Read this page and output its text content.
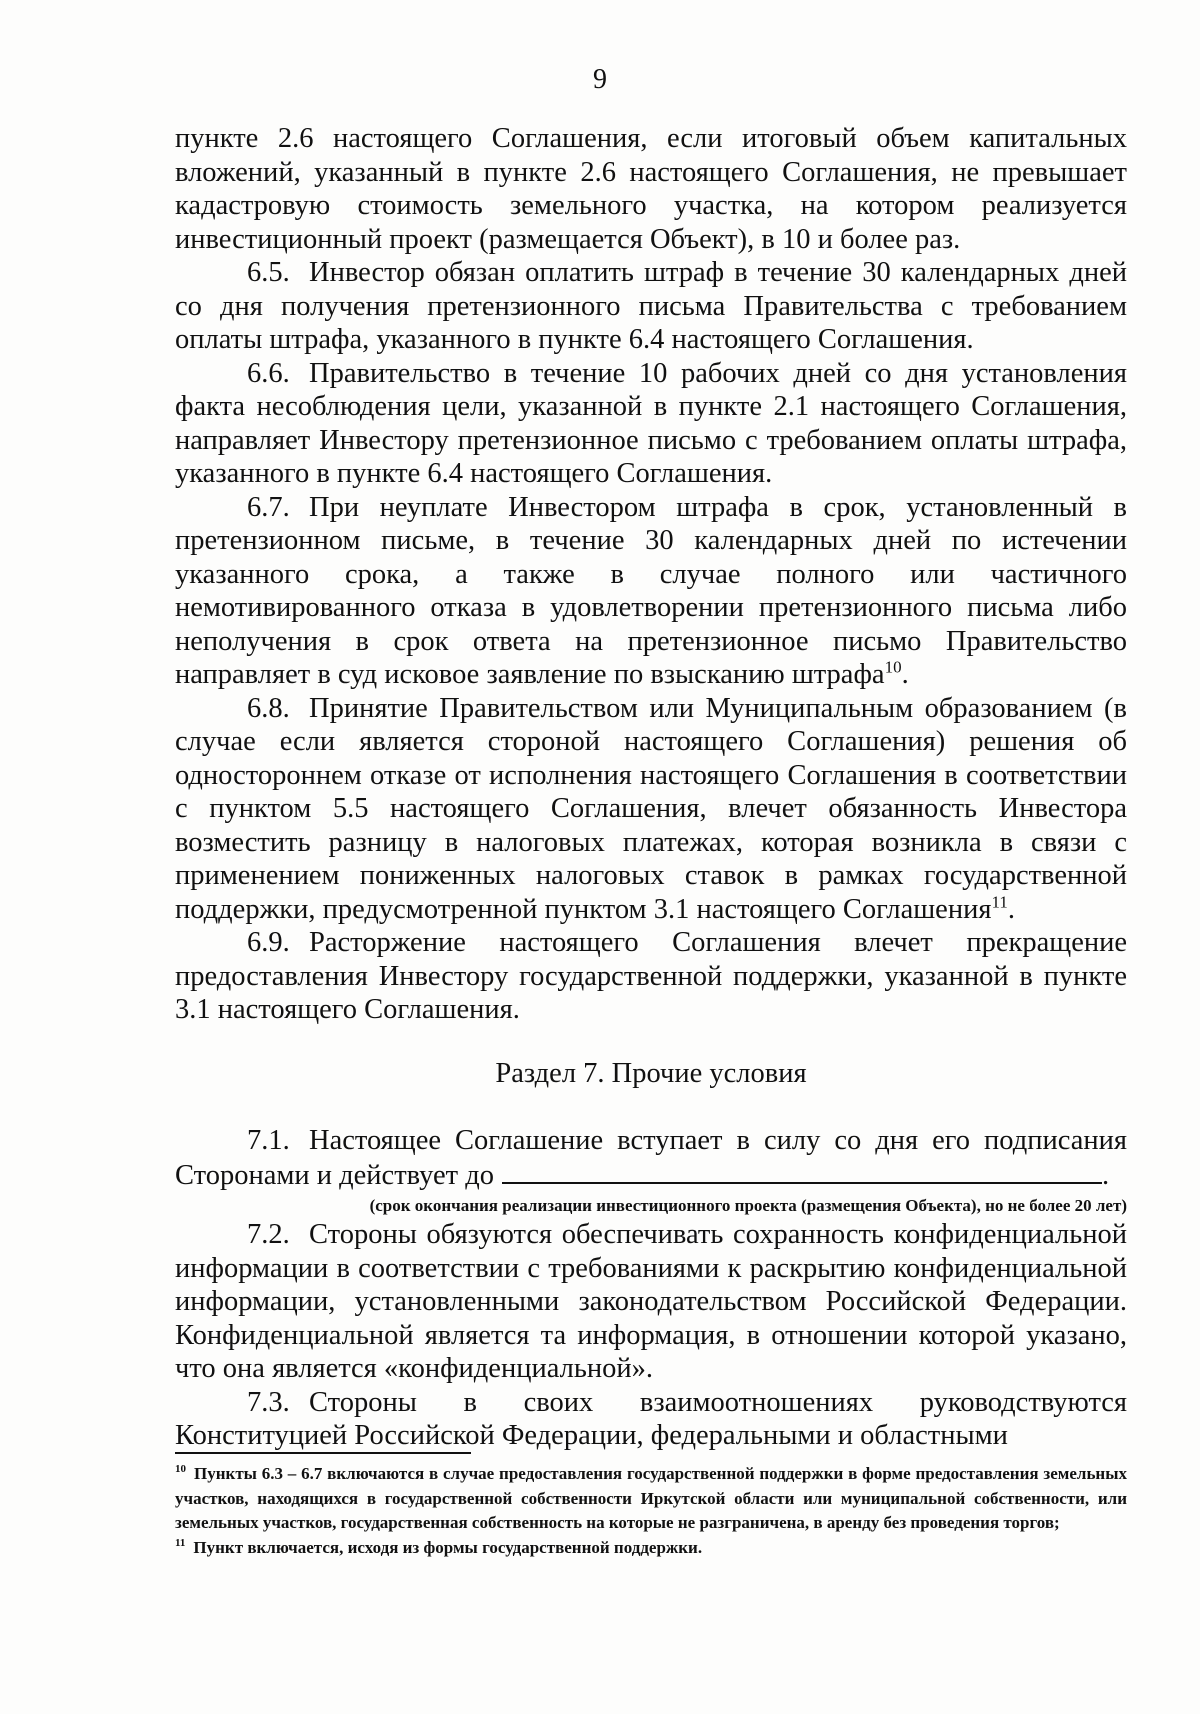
9

пункте 2.6 настоящего Соглашения, если итоговый объем капитальных вложений, указанный в пункте 2.6 настоящего Соглашения, не превышает кадастровую стоимость земельного участка, на котором реализуется инвестиционный проект (размещается Объект), в 10 и более раз.

6.5. Инвестор обязан оплатить штраф в течение 30 календарных дней со дня получения претензионного письма Правительства с требованием оплаты штрафа, указанного в пункте 6.4 настоящего Соглашения.

6.6. Правительство в течение 10 рабочих дней со дня установления факта несоблюдения цели, указанной в пункте 2.1 настоящего Соглашения, направляет Инвестору претензионное письмо с требованием оплаты штрафа, указанного в пункте 6.4 настоящего Соглашения.

6.7. При неуплате Инвестором штрафа в срок, установленный в претензионном письме, в течение 30 календарных дней по истечении указанного срока, а также в случае полного или частичного немотивированного отказа в удовлетворении претензионного письма либо неполучения в срок ответа на претензионное письмо Правительство направляет в суд исковое заявление по взысканию штрафа$^{10}$.

6.8. Принятие Правительством или Муниципальным образованием (в случае если является стороной настоящего Соглашения) решения об одностороннем отказе от исполнения настоящего Соглашения в соответствии с пунктом 5.5 настоящего Соглашения, влечет обязанность Инвестора возместить разницу в налоговых платежах, которая возникла в связи с применением пониженных налоговых ставок в рамках государственной поддержки, предусмотренной пунктом 3.1 настоящего Соглашения$^{11}$.

6.9. Расторжение настоящего Соглашения влечет прекращение предоставления Инвестору государственной поддержки, указанной в пункте 3.1 настоящего Соглашения.

Раздел 7. Прочие условия

7.1. Настоящее Соглашение вступает в силу со дня его подписания Сторонами и действует до	.

(срок окончания реализации инвестиционного проекта (размещения Объекта), но не более 20 лет)

7.2. Стороны обязуются обеспечивать сохранность конфиденциальной информации в соответствии с требованиями к раскрытию конфиденциальной информации, установленными законодательством Российской Федерации. Конфиденциальной является та информация, в отношении которой указано, что она является «конфиденциальной».

7.3. Стороны в своих взаимоотношениях руководствуются Конституцией Российской Федерации, федеральными и областными

$^{10}$ Пункты 6.3 – 6.7 включаются в случае предоставления государственной поддержки в форме предоставления земельных участков, находящихся в государственной собственности Иркутской области или муниципальной собственности, или земельных участков, государственная собственность на которые не разграничена, в аренду без проведения торгов;

$^{11}$ Пункт включается, исходя из формы государственной поддержки.
